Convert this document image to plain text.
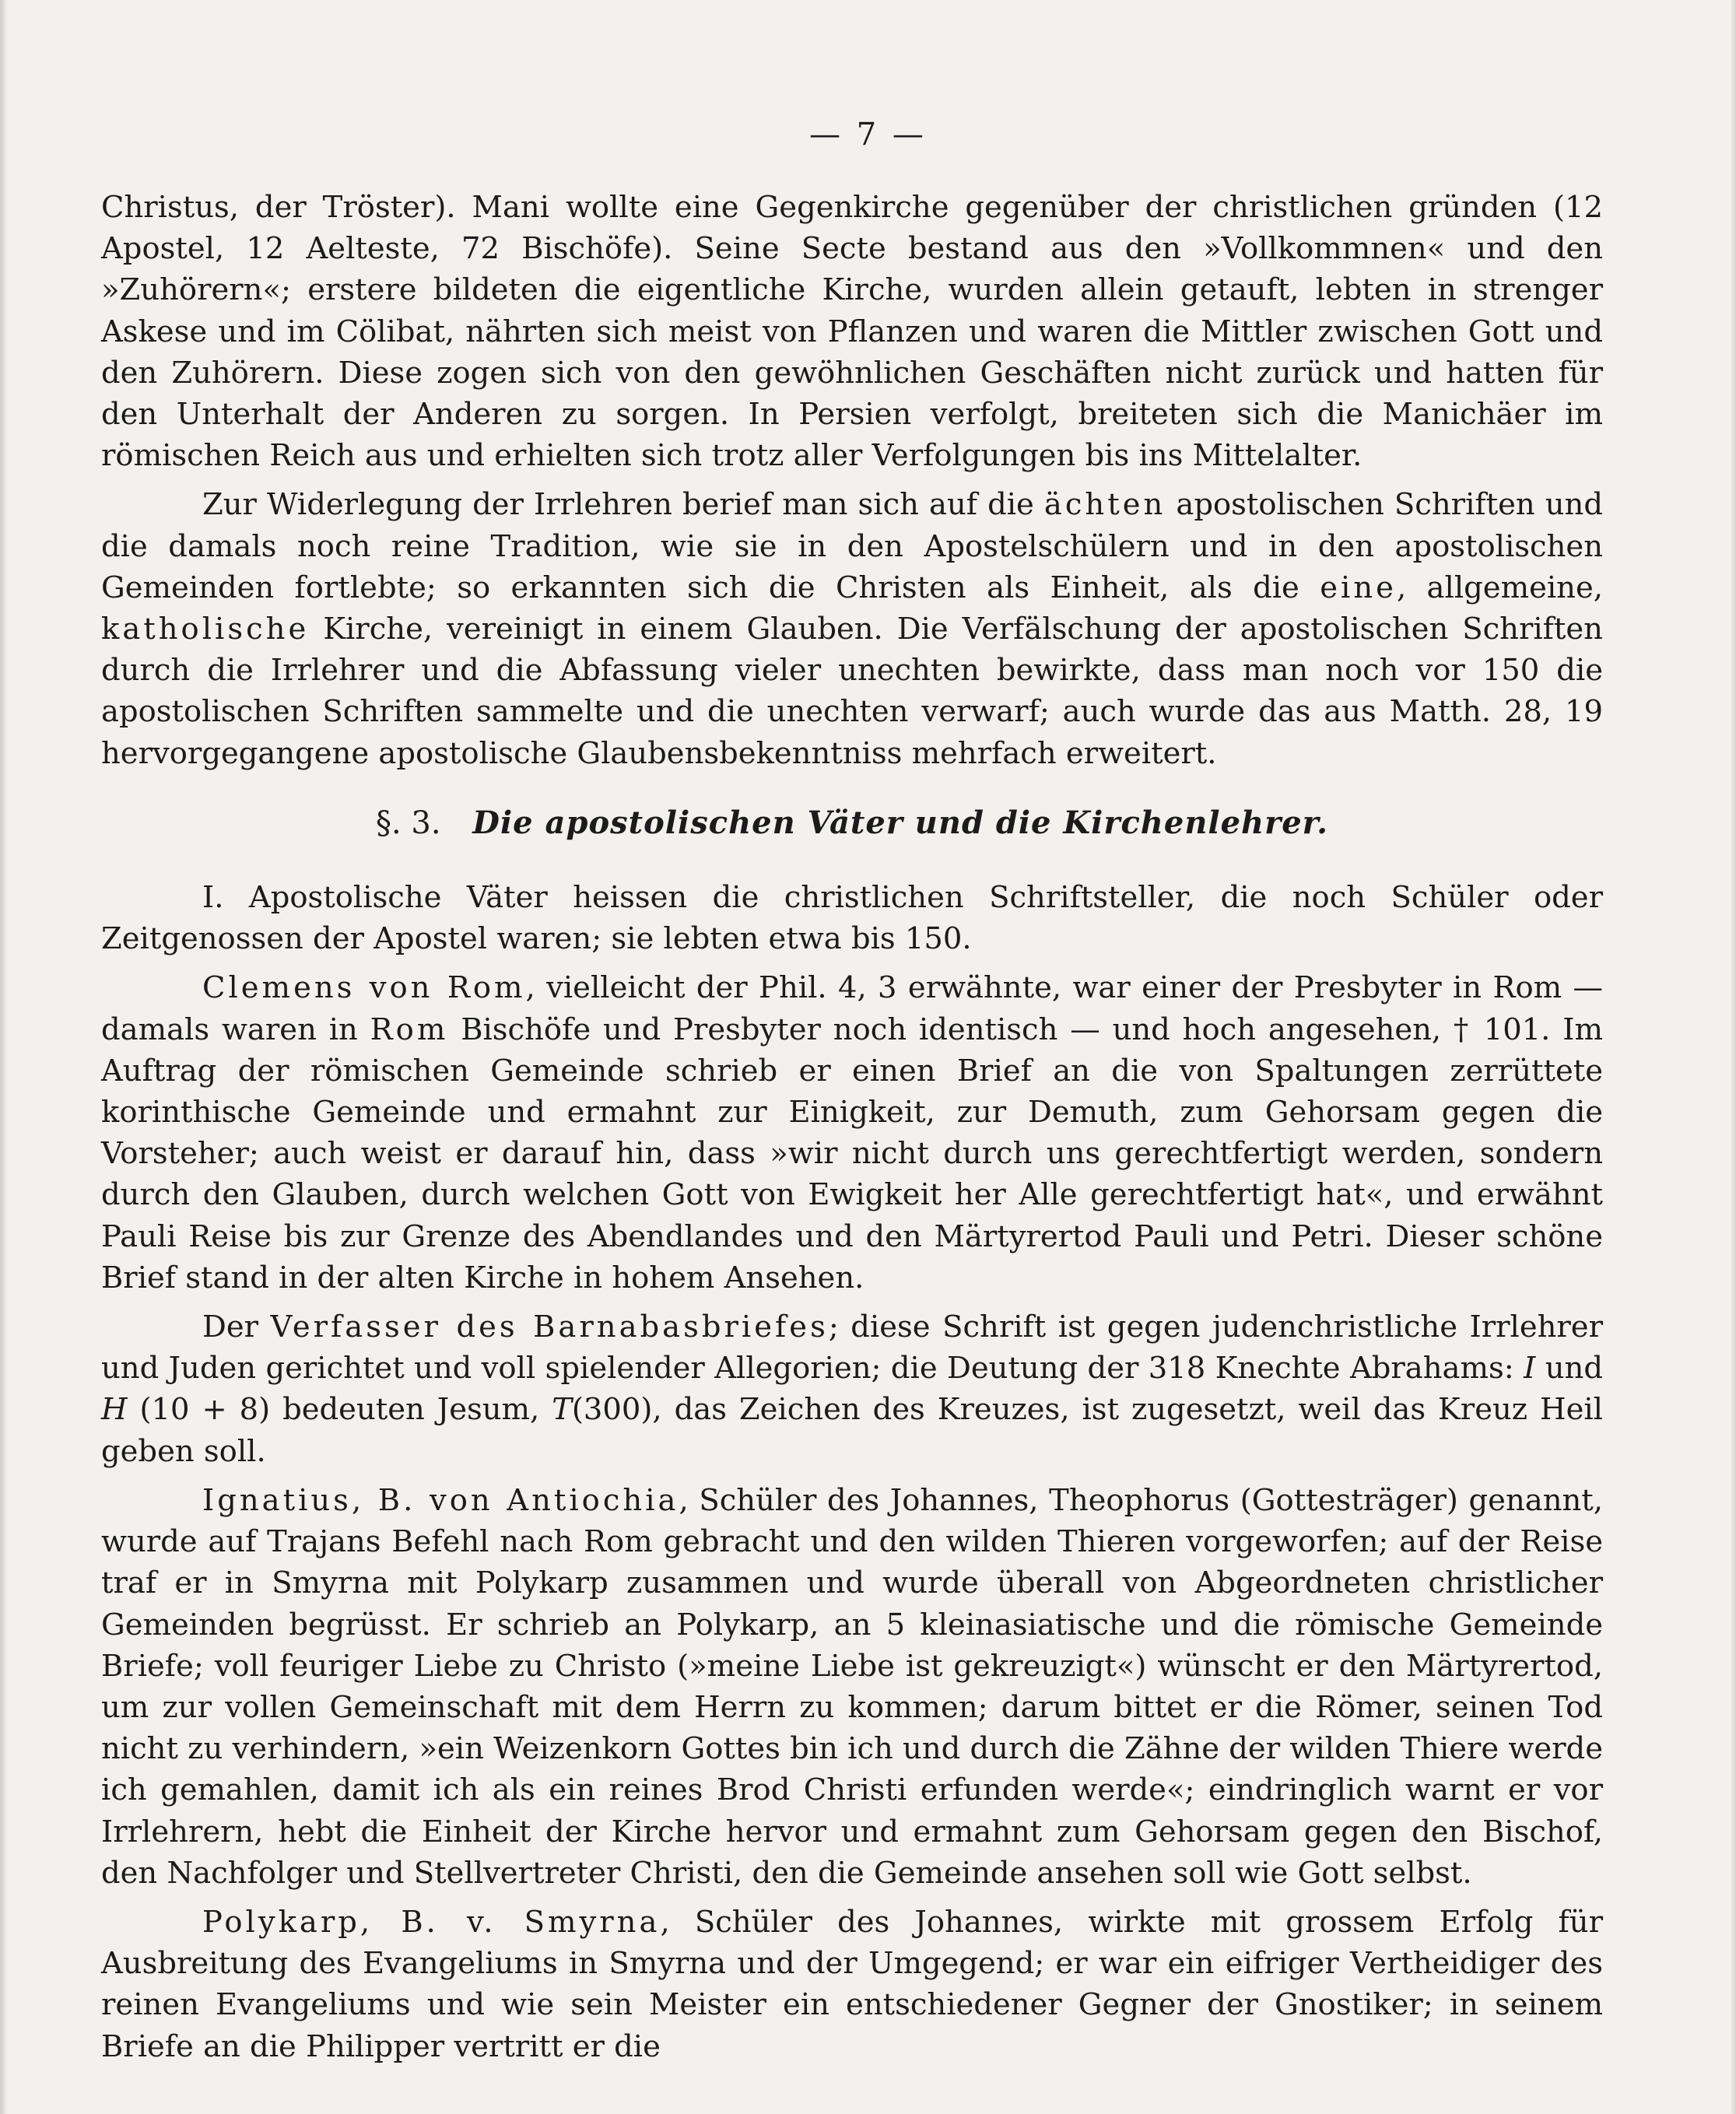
— 7 —

Christus, der Tröster). Mani wollte eine Gegenkirche gegenüber der christlichen gründen (12 Apostel, 12 Aelteste, 72 Bischöfe). Seine Secte bestand aus den »Vollkommnen« und den »Zuhörern«; erstere bildeten die eigentliche Kirche, wurden allein getauft, lebten in strenger Askese und im Cölibat, nährten sich meist von Pflanzen und waren die Mittler zwischen Gott und den Zuhörern. Diese zogen sich von den gewöhnlichen Geschäften nicht zurück und hatten für den Unterhalt der Anderen zu sorgen. In Persien verfolgt, breiteten sich die Manichäer im römischen Reich aus und erhielten sich trotz aller Verfolgungen bis ins Mittelalter.

Zur Widerlegung der Irrlehren berief man sich auf die ächten apostolischen Schriften und die damals noch reine Tradition, wie sie in den Apostelschülern und in den apostolischen Gemeinden fortlebte; so erkannten sich die Christen als Einheit, als die eine, allgemeine, katholische Kirche, vereinigt in einem Glauben. Die Verfälschung der apostolischen Schriften durch die Irrlehrer und die Abfassung vieler unechten bewirkte, dass man noch vor 150 die apostolischen Schriften sammelte und die unechten verwarf; auch wurde das aus Matth. 28, 19 hervorgegangene apostolische Glaubensbekenntniss mehrfach erweitert.

§. 3. Die apostolischen Väter und die Kirchenlehrer.

I. Apostolische Väter heissen die christlichen Schriftsteller, die noch Schüler oder Zeitgenossen der Apostel waren; sie lebten etwa bis 150.

Clemens von Rom, vielleicht der Phil. 4, 3 erwähnte, war einer der Presbyter in Rom — damals waren in Rom Bischöfe und Presbyter noch identisch — und hoch angesehen, † 101. Im Auftrag der römischen Gemeinde schrieb er einen Brief an die von Spaltungen zerrüttete korinthische Gemeinde und ermahnt zur Einigkeit, zur Demuth, zum Gehorsam gegen die Vorsteher; auch weist er darauf hin, dass »wir nicht durch uns gerechtfertigt werden, sondern durch den Glauben, durch welchen Gott von Ewigkeit her Alle gerechtfertigt hat«, und erwähnt Pauli Reise bis zur Grenze des Abendlandes und den Märtyrertod Pauli und Petri. Dieser schöne Brief stand in der alten Kirche in hohem Ansehen.

Der Verfasser des Barnabasbriefes; diese Schrift ist gegen judenchristliche Irrlehrer und Juden gerichtet und voll spielender Allegorien; die Deutung der 318 Knechte Abrahams: I und H (10 + 8) bedeuten Jesum, T(300), das Zeichen des Kreuzes, ist zugesetzt, weil das Kreuz Heil geben soll.

Ignatius, B. von Antiochia, Schüler des Johannes, Theophorus (Gottesträger) genannt, wurde auf Trajans Befehl nach Rom gebracht und den wilden Thieren vorgeworfen; auf der Reise traf er in Smyrna mit Polykarp zusammen und wurde überall von Abgeordneten christlicher Gemeinden begrüsst. Er schrieb an Polykarp, an 5 kleinasiatische und die römische Gemeinde Briefe; voll feuriger Liebe zu Christo (»meine Liebe ist gekreuzigt«) wünscht er den Märtyrertod, um zur vollen Gemeinschaft mit dem Herrn zu kommen; darum bittet er die Römer, seinen Tod nicht zu verhindern, »ein Weizenkorn Gottes bin ich und durch die Zähne der wilden Thiere werde ich gemahlen, damit ich als ein reines Brod Christi erfunden werde«; eindringlich warnt er vor Irrlehrern, hebt die Einheit der Kirche hervor und ermahnt zum Gehorsam gegen den Bischof, den Nachfolger und Stellvertreter Christi, den die Gemeinde ansehen soll wie Gott selbst.

Polykarp, B. v. Smyrna, Schüler des Johannes, wirkte mit grossem Erfolg für Ausbreitung des Evangeliums in Smyrna und der Umgegend; er war ein eifriger Vertheidiger des reinen Evangeliums und wie sein Meister ein entschiedener Gegner der Gnostiker; in seinem Briefe an die Philipper vertritt er die
